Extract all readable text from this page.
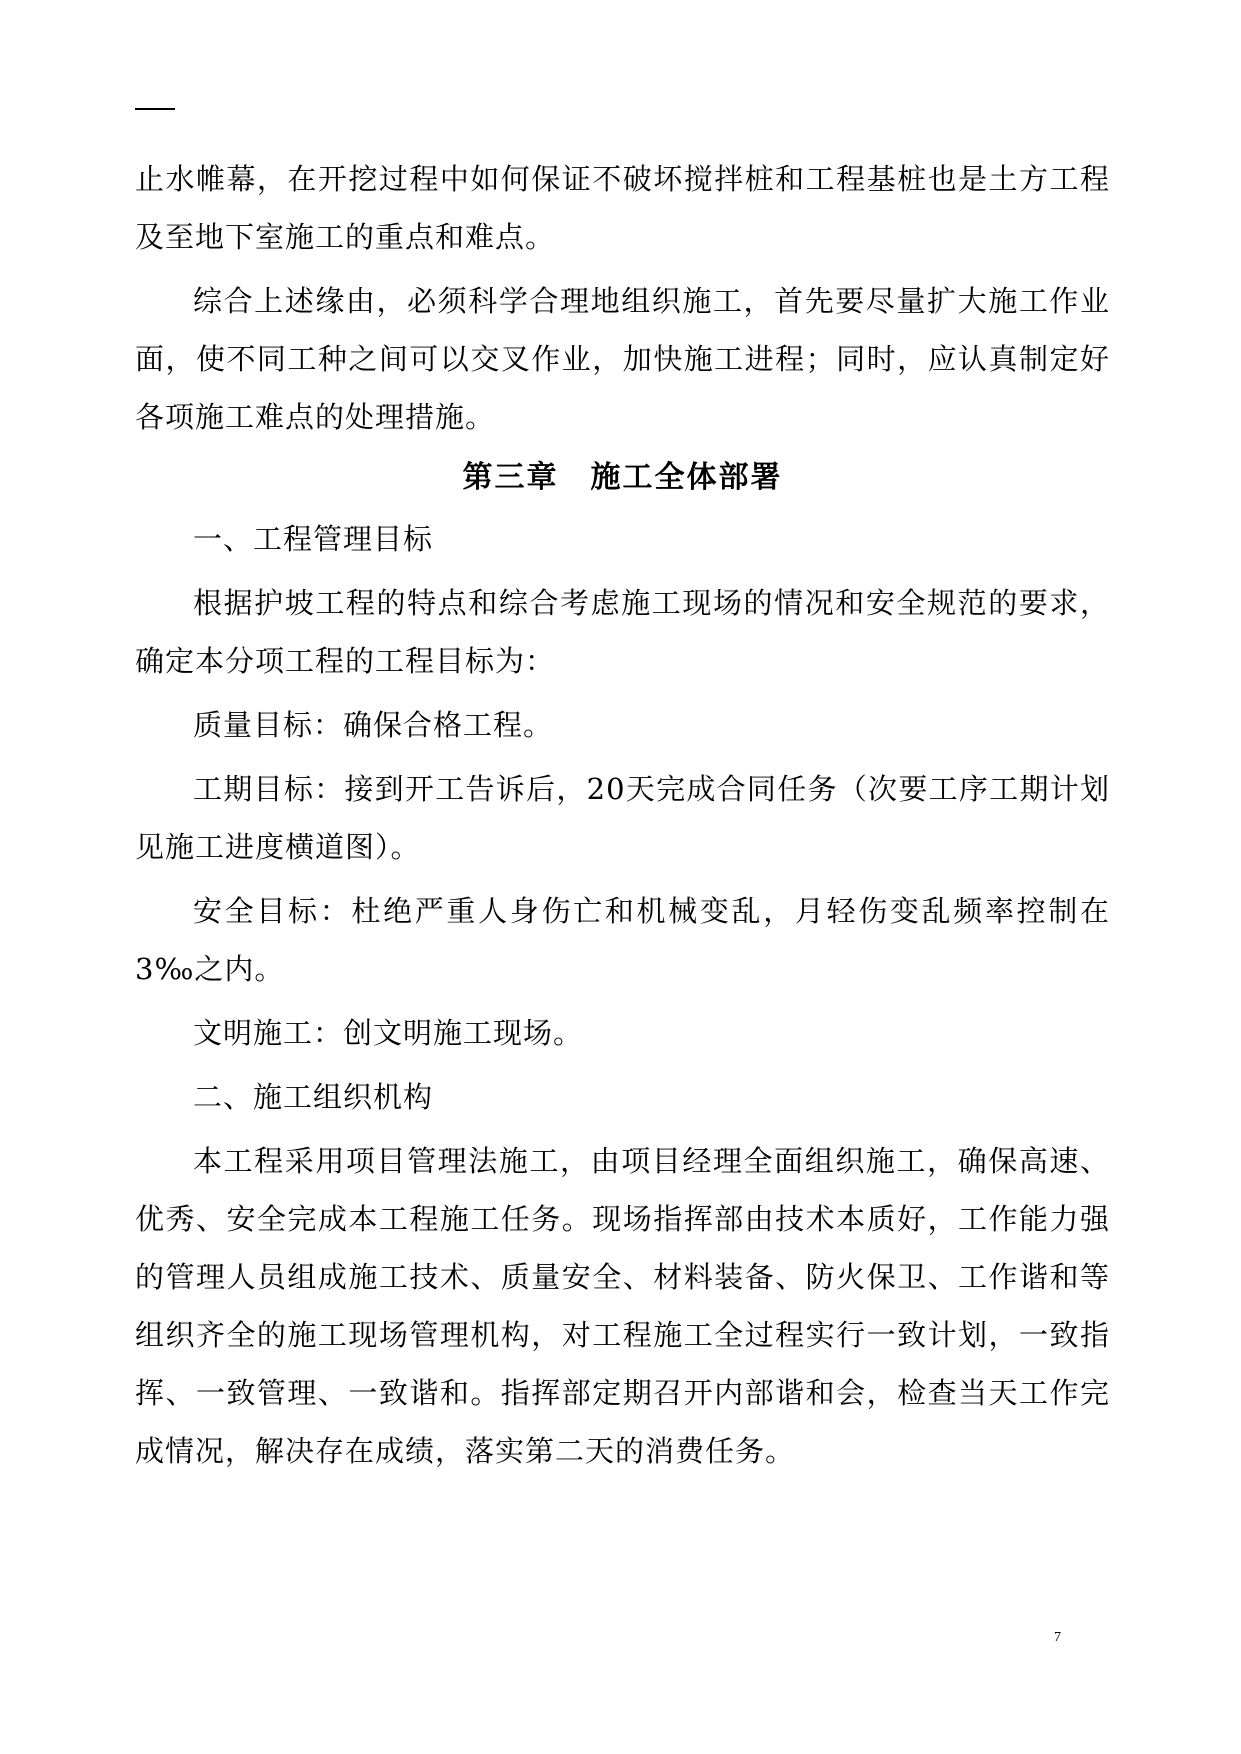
止水帷幕，在开挖过程中如何保证不破坏搅拌桩和工程基桩也是土方工程及至地下室施工的重点和难点。

综合上述缘由，必须科学合理地组织施工，首先要尽量扩大施工作业面，使不同工种之间可以交叉作业，加快施工进程；同时，应认真制定好各项施工难点的处理措施。

第三章　施工全体部署

一、工程管理目标

根据护坡工程的特点和综合考虑施工现场的情况和安全规范的要求，确定本分项工程的工程目标为：

质量目标：确保合格工程。

工期目标：接到开工告诉后，20天完成合同任务（次要工序工期计划见施工进度横道图）。

安全目标：杜绝严重人身伤亡和机械变乱，月轻伤变乱频率控制在3‰之内。

文明施工：创文明施工现场。

二、施工组织机构

本工程采用项目管理法施工，由项目经理全面组织施工，确保高速、优秀、安全完成本工程施工任务。现场指挥部由技术本质好，工作能力强的管理人员组成施工技术、质量安全、材料装备、防火保卫、工作谐和等组织齐全的施工现场管理机构，对工程施工全过程实行一致计划，一致指挥、一致管理、一致谐和。指挥部定期召开内部谐和会，检查当天工作完成情况，解决存在成绩，落实第二天的消费任务。

7
